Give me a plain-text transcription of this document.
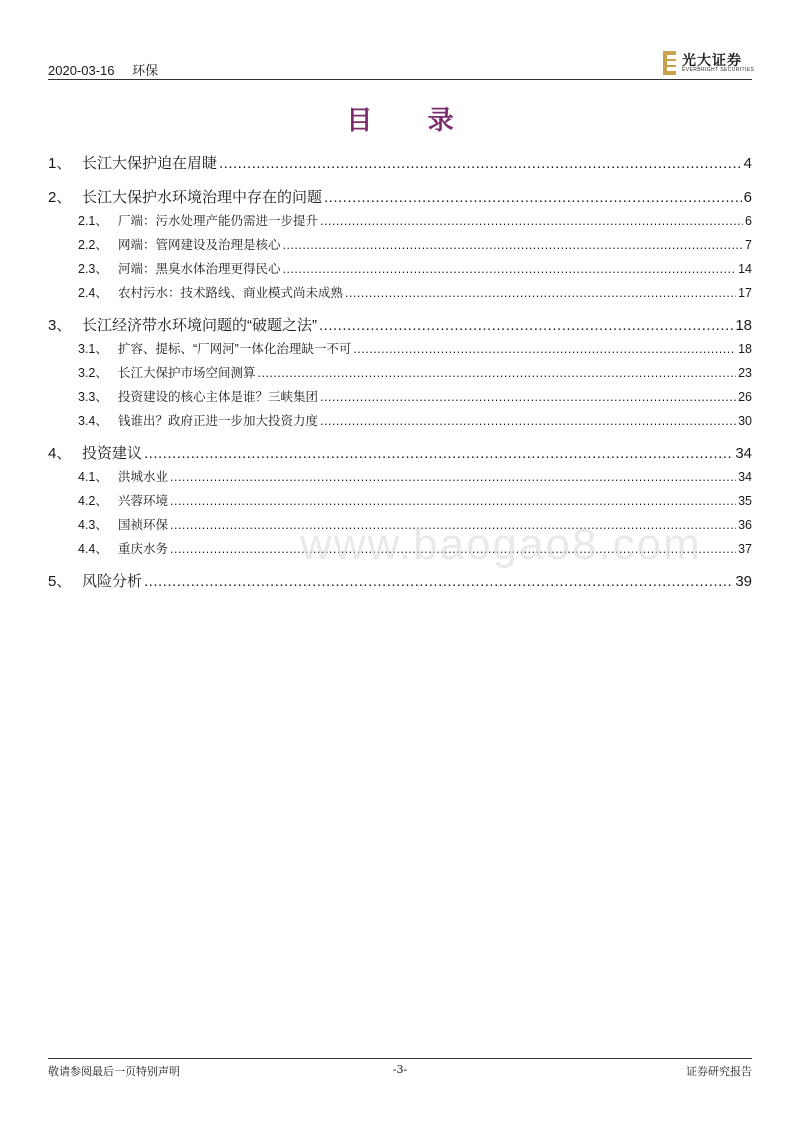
2020-03-16 环保
光大证券
EVERBRIGHT SECURITIES
目 录
1、 长江大保护迫在眉睫 .....	4
2、 长江大保护水环境治理中存在的问题 .....	6
2.1、 厂端：污水处理产能仍需进一步提升 .....	6
2.2、 网端：管网建设及治理是核心 .....	7
2.3、 河端：黑臭水体治理更得民心 .....	14
2.4、 农村污水：技术路线、商业模式尚未成熟 .....	17
3、 长江经济带水环境问题的“破题之法” .....	18
3.1、 扩容、提标、“厂网河”一体化治理缺一不可 .....	18
3.2、 长江大保护市场空间测算 .....	23
3.3、 投资建设的核心主体是谁？三峡集团 .....	26
3.4、 钱谁出？政府正进一步加大投资力度 .....	30
4、 投资建议 .....	34
4.1、 洪城水业 .....	34
4.2、 兴蓉环境 .....	35
4.3、 国祯环保 .....	36
4.4、 重庆水务 .....	37
5、 风险分析 .....	39
www.baogao8.com
敬请参阅最后一页特别声明	-3-	证券研究报告
